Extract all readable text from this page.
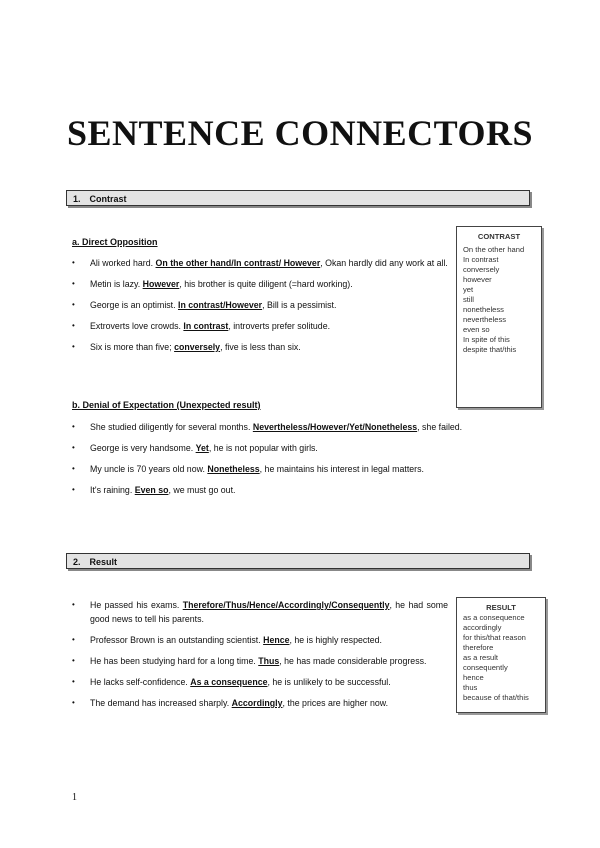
SENTENCE CONNECTORS
1. Contrast
a. Direct Opposition
• Ali worked hard. On the other hand/In contrast/ However, Okan hardly did any work at all.
• Metin is lazy. However, his brother is quite diligent (=hard working).
• George is an optimist. In contrast/However, Bill is a pessimist.
• Extroverts love crowds. In contrast, introverts prefer solitude.
• Six is more than five; conversely, five is less than six.
b. Denial of Expectation (Unexpected result)
• She studied diligently for several months. Nevertheless/However/Yet/Nonetheless, she failed.
• George is very handsome. Yet, he is not popular with girls.
• My uncle is 70 years old now. Nonetheless, he maintains his interest in legal matters.
• It's raining. Even so, we must go out.
CONTRAST
On the other hand
In contrast
conversely
however
yet
still
nonetheless
nevertheless
even so
In spite of this
despite that/this
2. Result
• He passed his exams. Therefore/Thus/Hence/Accordingly/Consequently, he had some good news to tell his parents.
• Professor Brown is an outstanding scientist. Hence, he is highly respected.
• He has been studying hard for a long time. Thus, he has made considerable progress.
• He lacks self-confidence. As a consequence, he is unlikely to be successful.
• The demand has increased sharply. Accordingly, the prices are higher now.
RESULT
as a consequence
accordingly
for this/that reason
therefore
as a result
consequently
hence
thus
because of that/this
1
